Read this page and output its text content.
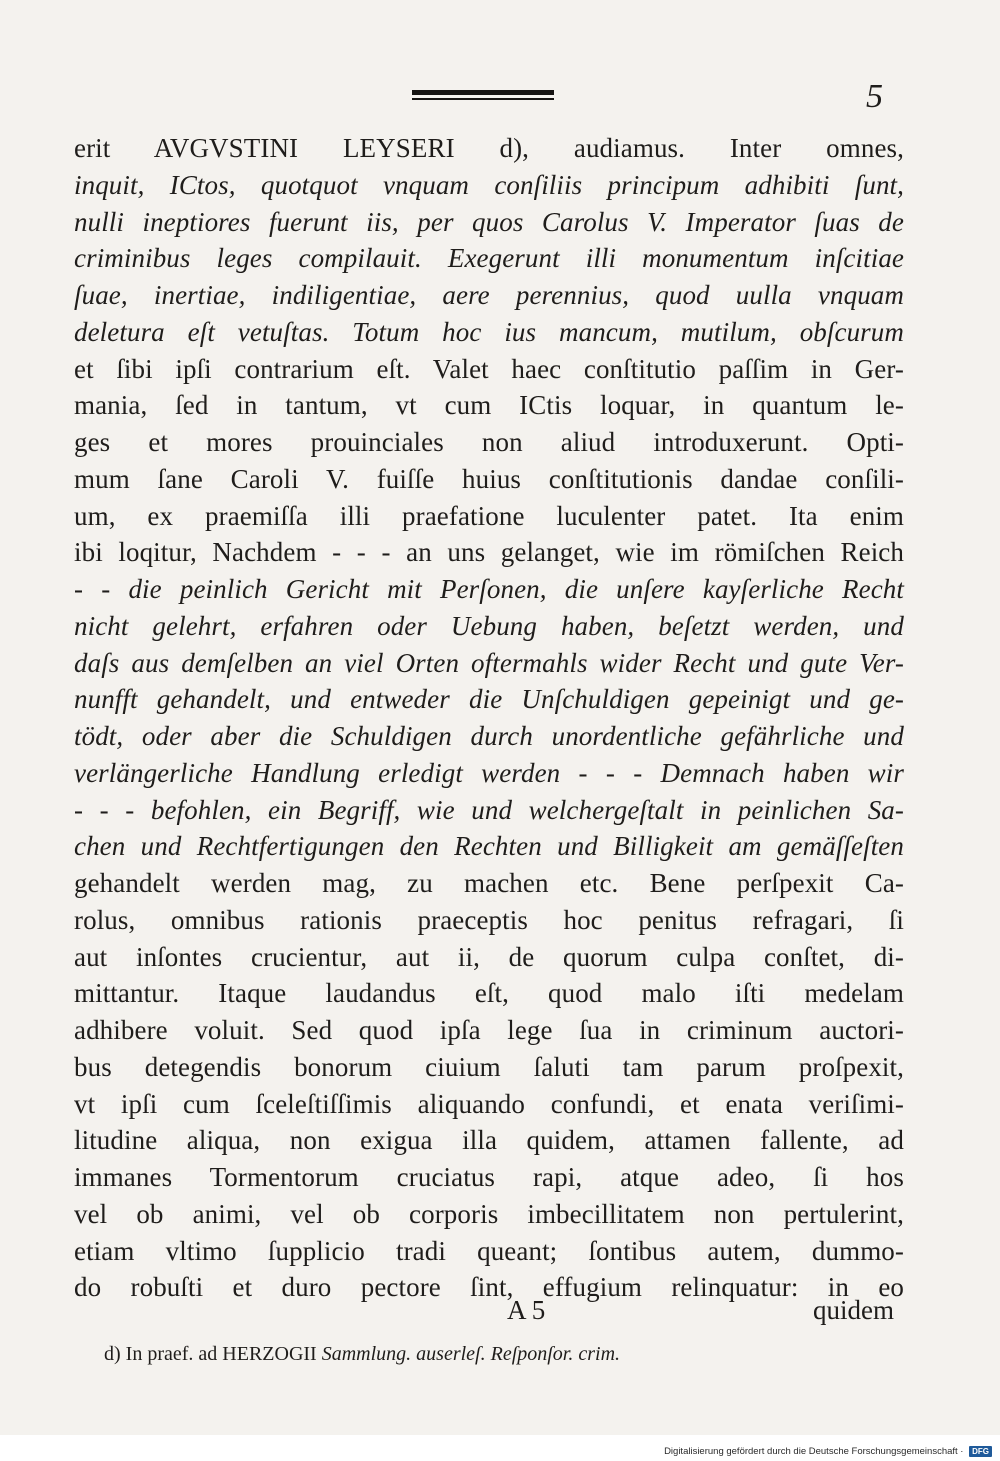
5
erit AVGVSTINI LEYSERI d), audiamus. Inter omnes,
inquit, ICtos, quotquot vnquam conſiliis principum adhibiti ſunt,
nulli ineptiores fuerunt iis, per quos Carolus V. Imperator ſuas de
criminibus leges compilauit. Exegerunt illi monumentum inſcitiae
ſuae, inertiae, indiligentiae, aere perennius, quod uulla vnquam
deletura eſt vetuſtas. Totum hoc ius mancum, mutilum, obſcurum
et ſibi ipſi contrarium eſt. Valet haec conſtitutio paſſim in Ger-
mania, ſed in tantum, vt cum ICtis loquar, in quantum le-
ges et mores prouinciales non aliud introduxerunt. Opti-
mum ſane Caroli V. fuiſſe huius conſtitutionis dandae conſili-
um, ex praemiſſa illi praefatione luculenter patet. Ita enim
ibi loqitur, Nachdem - - - an uns gelanget, wie im römiſchen Reich
- - die peinlich Gericht mit Perſonen, die unſere kayſerliche Recht
nicht gelehrt, erfahren oder Uebung haben, beſetzt werden, und
daſs aus demſelben an viel Orten oftermahls wider Recht und gute Ver-
nunfft gehandelt, und entweder die Unſchuldigen gepeinigt und ge-
tödt, oder aber die Schuldigen durch unordentliche gefährliche und
verlängerliche Handlung erledigt werden - - - Demnach haben wir
- - - befohlen, ein Begriff, wie und welchergeſtalt in peinlichen Sa-
chen und Rechtfertigungen den Rechten und Billigkeit am gemäſſeſten
gehandelt werden mag, zu machen etc. Bene perſpexit Ca-
rolus, omnibus rationis praeceptis hoc penitus refragari, ſi
aut inſontes crucientur, aut ii, de quorum culpa conſtet, di-
mittantur. Itaque laudandus eſt, quod malo iſti medelam
adhibere voluit. Sed quod ipſa lege ſua in criminum auctori-
bus detegendis bonorum ciuium ſaluti tam parum proſpexit,
vt ipſi cum ſceleſtiſſimis aliquando confundi, et enata veriſimi-
litudine aliqua, non exigua illa quidem, attamen fallente, ad
immanes Tormentorum cruciatus rapi, atque adeo, ſi hos
vel ob animi, vel ob corporis imbecillitatem non pertulerint,
etiam vltimo ſupplicio tradi queant; ſontibus autem, dummo-
do robuſti et duro pectore ſint, effugium relinquatur: in eo
A 5	quidem
d) In praef. ad HERZOGII Sammlung. auserleſ. Reſponſor. crim.
Digitalisierung gefördert durch die Deutsche Forschungsgemeinschaft · DFG
